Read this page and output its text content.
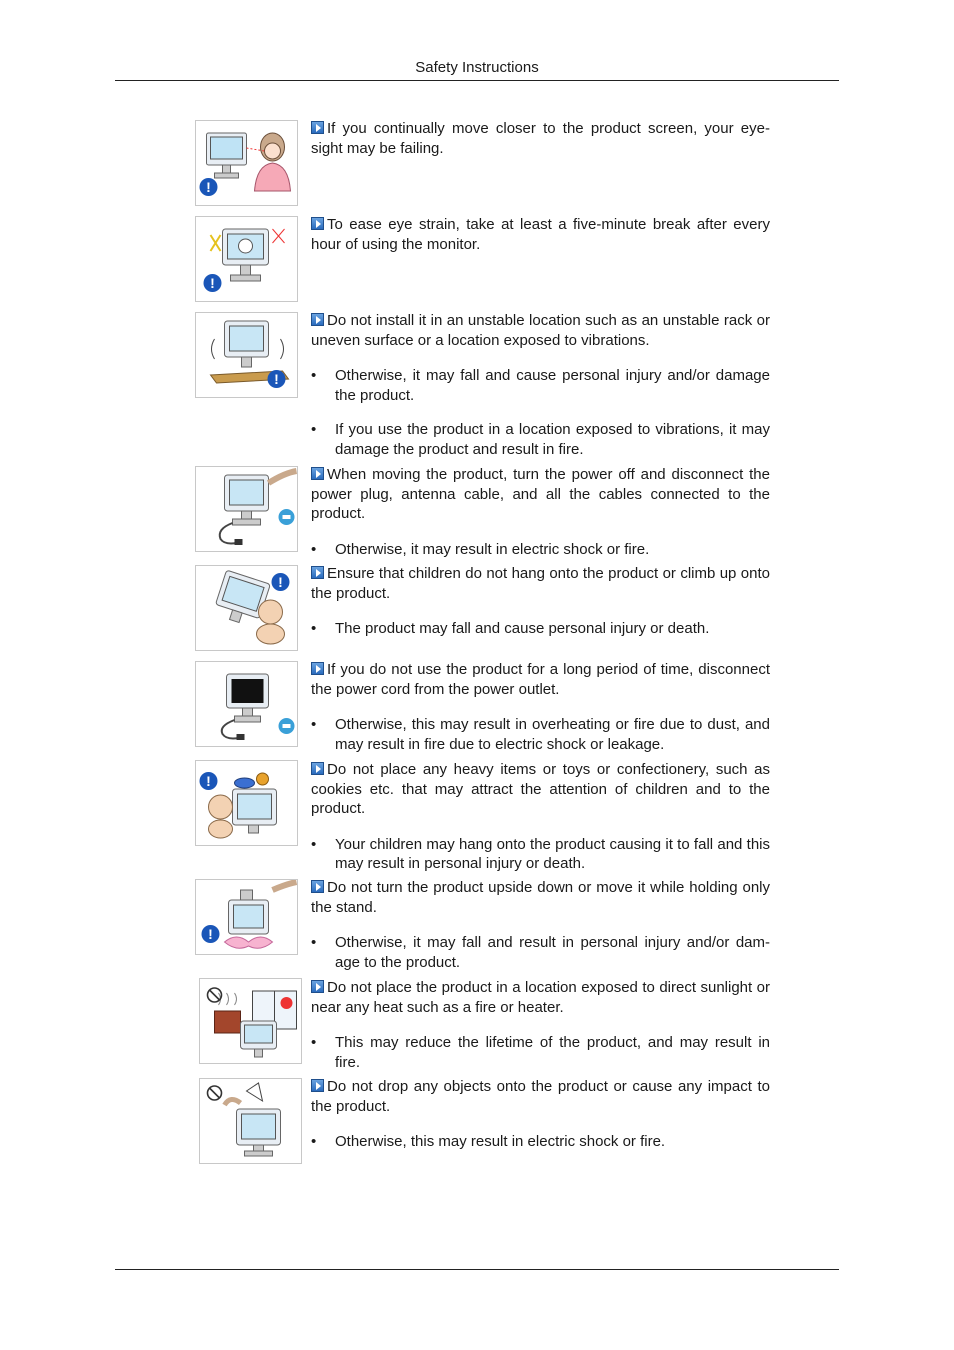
Safety Instructions
!

If you continually move closer to the product screen, your eye-sight may be failing.

!

To ease eye strain, take at least a five-minute break after every hour of using the monitor.

!

Do not install it in an unstable location such as an unstable rack or uneven surface or a location exposed to vibrations.

• Otherwise, it may fall and cause personal injury and/or damage the product.
• If you use the product in a location exposed to vibrations, it may damage the product and result in fire.

When moving the product, turn the power off and disconnect the power plug, antenna cable, and all the cables connected to the product.

• Otherwise, it may result in electric shock or fire.
!	Ensure that children do not hang onto the product or climb up onto the product.

• The product may fall and cause personal injury or death.

If you do not use the product for a long period of time, disconnect the power cord from the power outlet.

• Otherwise, this may result in overheating or fire due to dust, and may result in fire due to electric shock or leakage.
!

Do not place any heavy items or toys or confectionery, such as cookies etc. that may attract the attention of children and to the product.

• Your children may hang onto the product causing it to fall and this may result in personal injury or death.
!

Do not turn the product upside down or move it while holding only the stand.

• Otherwise, it may fall and result in personal injury and/or dam-age to the product.

Do not place the product in a location exposed to direct sunlight or near any heat such as a fire or heater.

• This may reduce the lifetime of the product, and may result in fire.

Do not drop any objects onto the product or cause any impact to the product.

• Otherwise, this may result in electric shock or fire.
